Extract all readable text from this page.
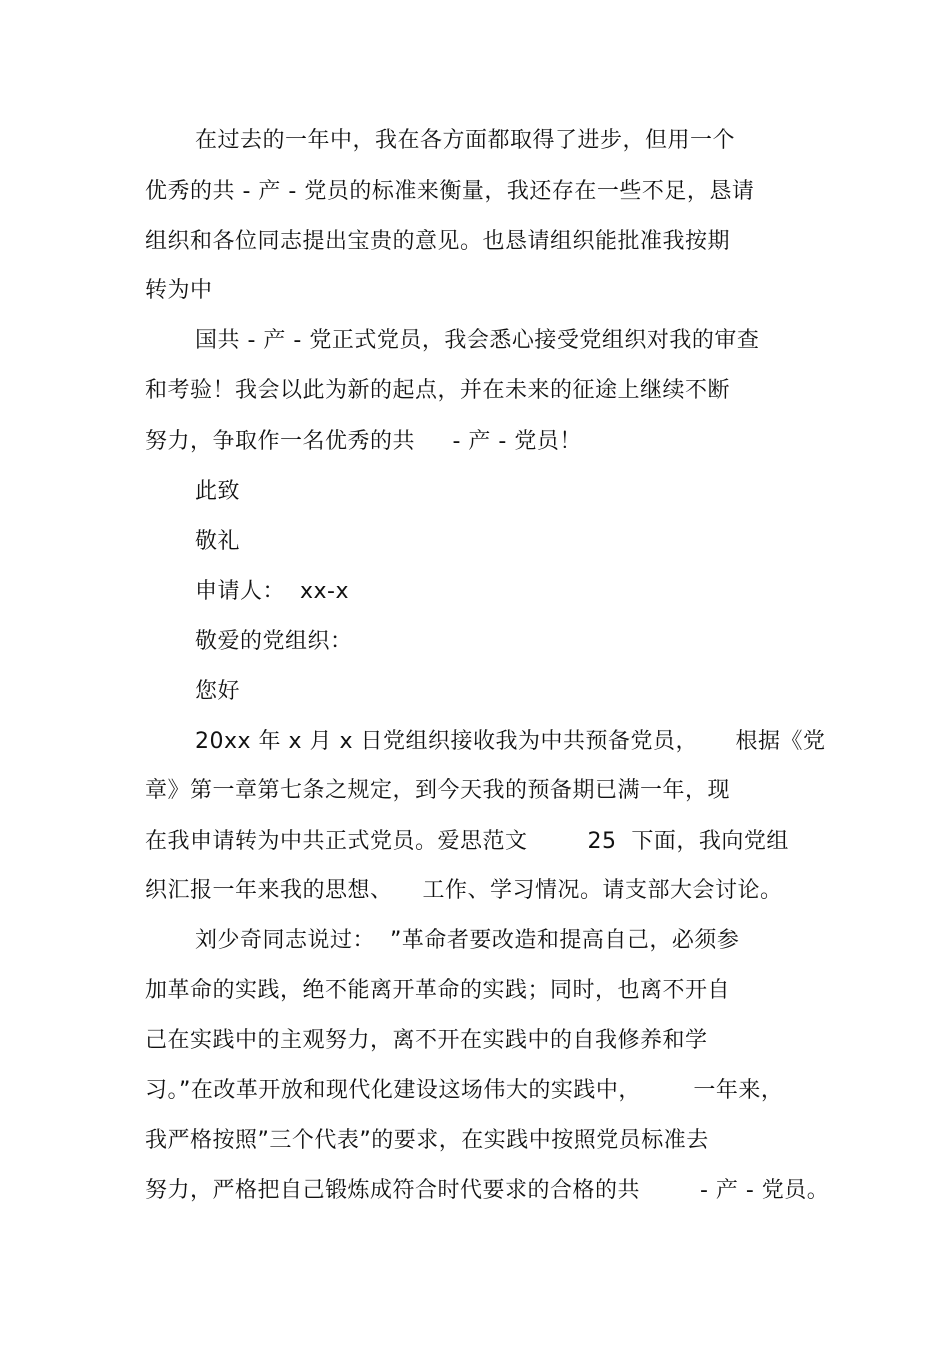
在过去的一年中，我在各方面都取得了进步，但用一个
优秀的共 - 产 - 党员的标准来衡量，我还存在一些不足，恳请
组织和各位同志提出宝贵的意见。也恳请组织能批准我按期
转为中
国共 - 产 - 党正式党员，我会悉心接受党组织对我的审查
和考验！我会以此为新的起点，并在未来的征途上继续不断
努力，争取作一名优秀的共     - 产 - 党员！
此致
敬礼
申请人：  xx-x
敬爱的党组织：
您好
20xx 年 x 月 x 日党组织接收我为中共预备党员，     根据《党
章》第一章第七条之规定，到今天我的预备期已满一年，现
在我申请转为中共正式党员。爱思范文        25  下面，我向党组
织汇报一年来我的思想、    工作、学习情况。请支部大会讨论。
刘少奇同志说过：  ”革命者要改造和提高自己，必须参
加革命的实践，绝不能离开革命的实践；同时，也离不开自
己在实践中的主观努力，离不开在实践中的自我修养和学
习。”在改革开放和现代化建设这场伟大的实践中，       一年来，
我严格按照”三个代表”的要求，在实践中按照党员标准去
努力，严格把自己锻炼成符合时代要求的合格的共        - 产 - 党员。
